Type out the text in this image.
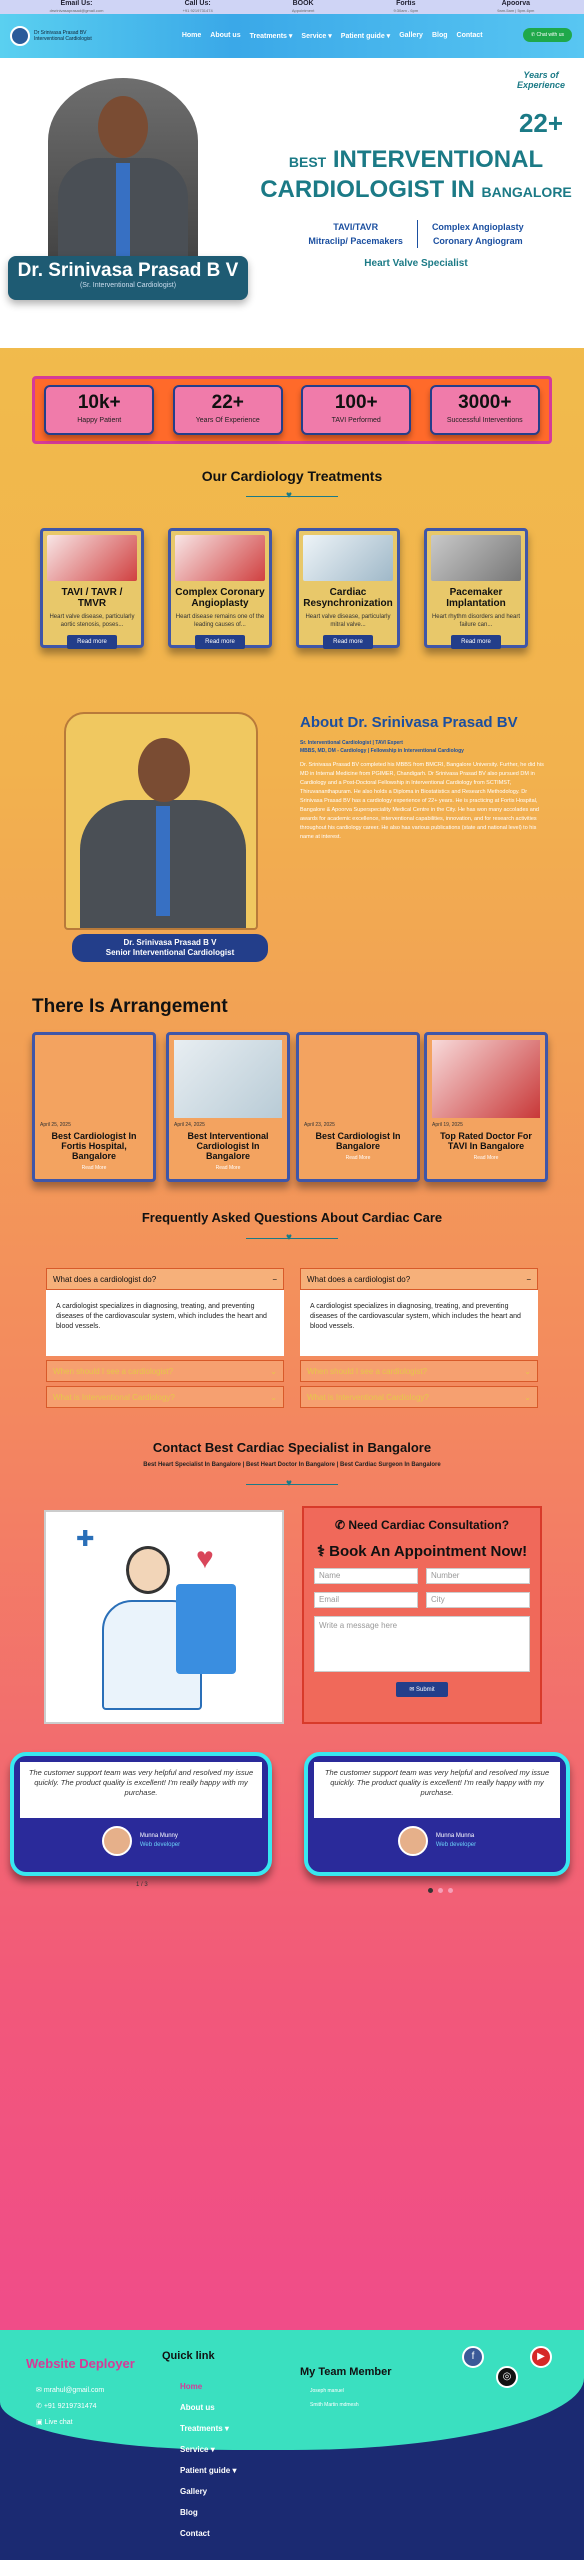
Email Us:
drsrinivasaprasad@gmail.com
Call Us:
+91 9219731474
BOOK
Appointment
Fortis
9:30am - 6pm
Apoorva
9am-5am | 5pm-6pm
Dr Srinivasa Prasad BV
Interventional Cardiologist	Home About us Treatments ▾ Service ▾ Patient guide ▾ Gallery Blog Contact	✆ Chat with us
Dr. Srinivasa Prasad B V
(Sr. Interventional Cardiologist)
Years of Experience
22+
BEST INTERVENTIONAL
CARDIOLOGIST IN BANGALORE
TAVI/TAVR
Mitraclip/ Pacemakers
Complex Angioplasty
Coronary Angiogram
Heart Valve Specialist
10k+
Happy Patient
22+
Years Of Experience
100+
TAVI Performed
3000+
Successful Interventions
Our Cardiology Treatments
♥
TAVI / TAVR / TMVR
Heart valve disease, particularly aortic stenosis, poses...
Read more
Complex Coronary Angioplasty
Heart disease remains one of the leading causes of...
Read more
Cardiac Resynchronization
Heart valve disease, particularly mitral valve...
Read more
Pacemaker Implantation
Heart rhythm disorders and heart failure can...
Read more
Dr. Srinivasa Prasad B V
Senior Interventional Cardiologist
About Dr. Srinivasa Prasad BV
Sr. Interventional Cardiologist | TAVI Expert
MBBS, MD, DM - Cardiology | Fellowship in Interventional Cardiology
Dr. Srinivasa Prasad BV completed his MBBS from BMCRI, Bangalore University. Further, he did his MD in Internal Medicine from PGIMER, Chandigarh. Dr Srinivasa Prasad BV also pursued DM in Cardiology and a Post-Doctoral Fellowship in Interventional Cardiology from SCTIMST, Thiruvananthapuram. He also holds a Diploma in Biostatistics and Research Methodology. Dr Srinivasa Prasad BV has a cardiology experience of 22+ years. He is practicing at Fortis Hospital, Bangalore & Apoorva Superspeciality Medical Centre in the City. He has won many accolades and awards for academic excellence, interventional capabilities, innovation, and for research activities throughout his cardiology career. He also has various publications (state and national level) to his name at interest.
There Is Arrangement
April 25, 2025
Best Cardiologist In Fortis Hospital, Bangalore
Read More
April 24, 2025
Best Interventional Cardiologist In Bangalore
Read More
April 23, 2025
Best Cardiologist In Bangalore
Read More
April 19, 2025
Top Rated Doctor For TAVI In Bangalore
Read More
Frequently Asked Questions About Cardiac Care
♥
What does a cardiologist do?	−
A cardiologist specializes in diagnosing, treating, and preventing diseases of the cardiovascular system, which includes the heart and blood vessels.
When should I see a cardiologist?	⌄
What is Interventional Cardiology?	⌄
What does a cardiologist do?	−
A cardiologist specializes in diagnosing, treating, and preventing diseases of the cardiovascular system, which includes the heart and blood vessels.
When should I see a cardiologist?	⌄
What is Interventional Cardiology?	⌄
Contact Best Cardiac Specialist in Bangalore
Best Heart Specialist In Bangalore | Best Heart Doctor In Bangalore | Best Cardiac Surgeon In Bangalore
♥
♥
✚
✆ Need Cardiac Consultation?
⚕ Book An Appointment Now!
Name	Number
Email	City
Write a message here
✉ Submit
The customer support team was very helpful and resolved my issue quickly. The product quality is excellent! I'm really happy with my purchase.
Munna Munny
Web developer
The customer support team was very helpful and resolved my issue quickly. The product quality is excellent! I'm really happy with my purchase.
Munna Munna
Web developer
1 / 3
Website Deployer
✉ mrahul@gmail.com
✆ +91 9219731474
▣ Live chat
Quick link
Home
About us
Treatments ▾
Service ▾
Patient guide ▾
Gallery
Blog
Contact
My Team Member
Joseph manuel
Smith Martin mdmesh
f	▶
◎
